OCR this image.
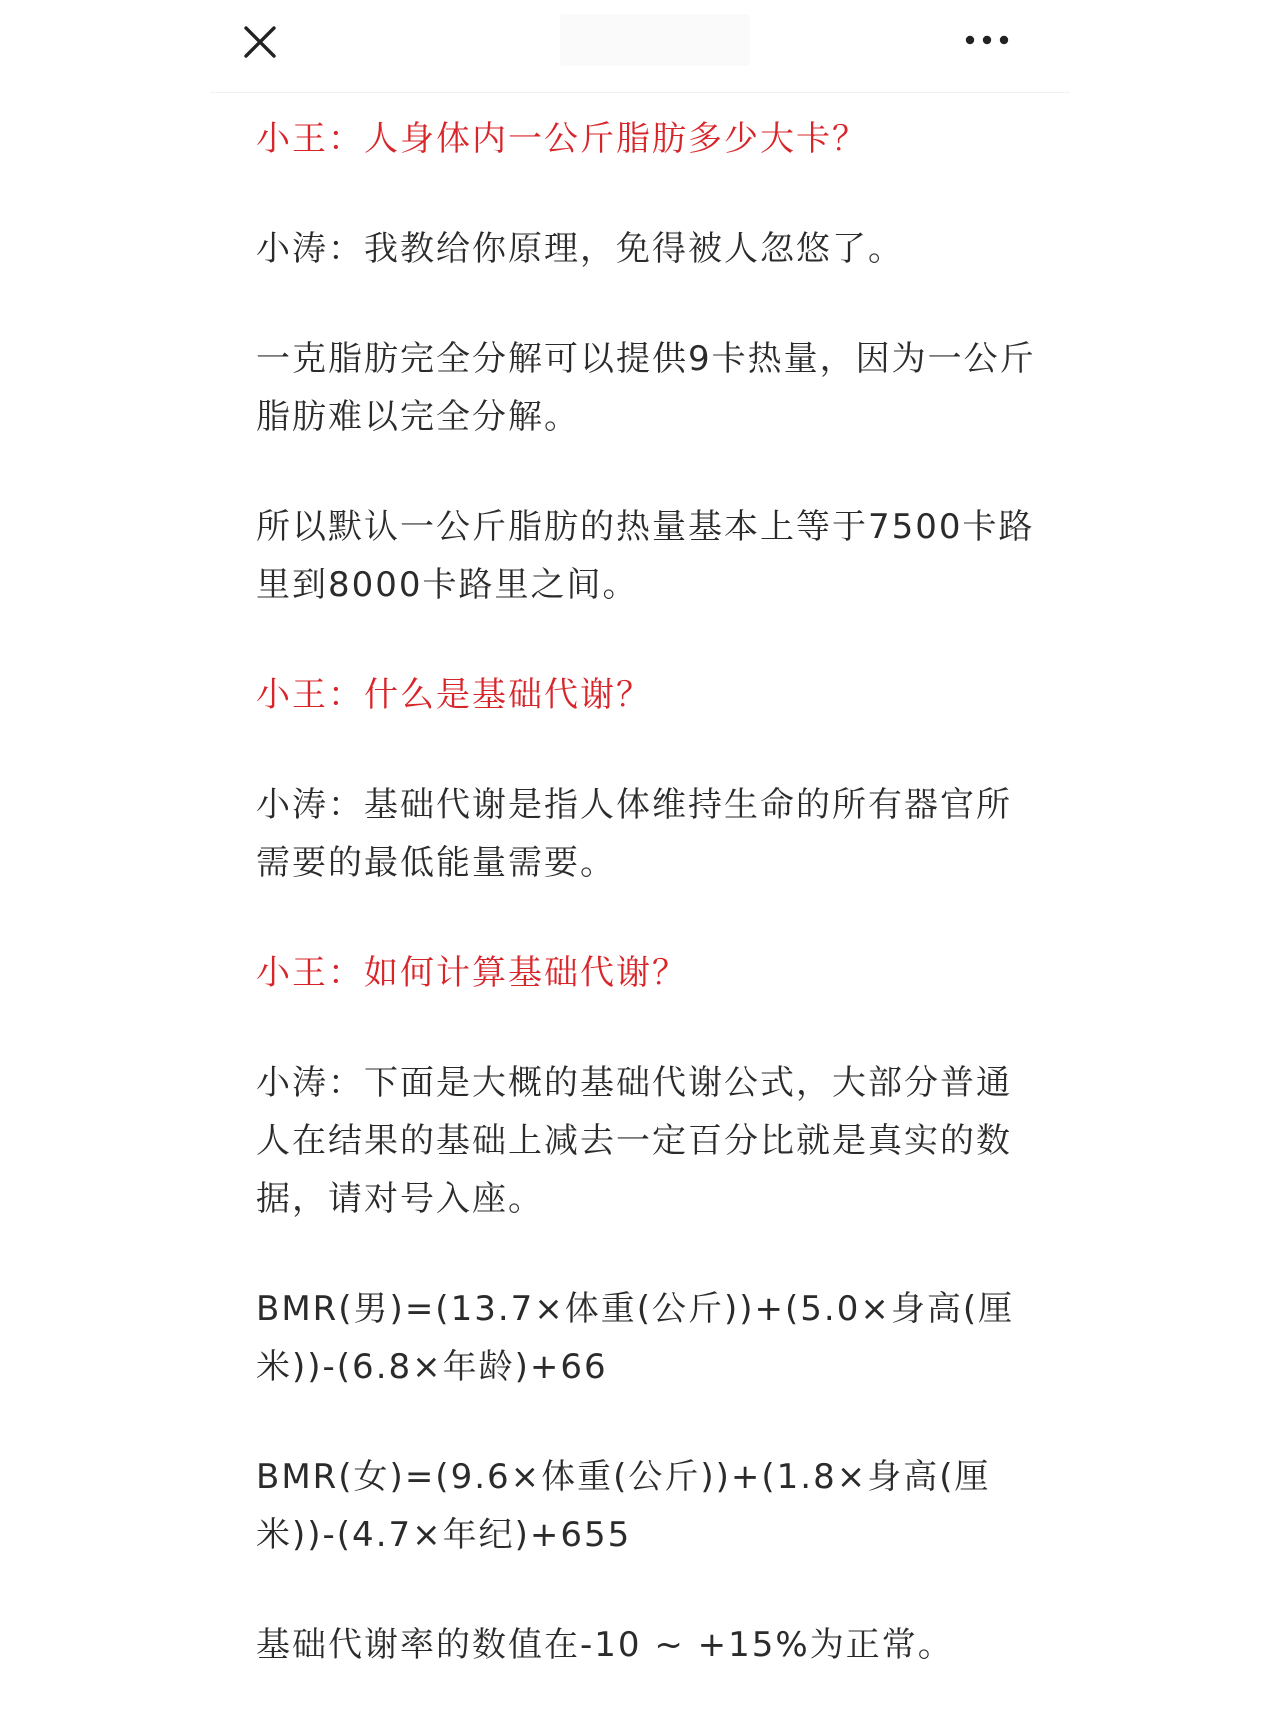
小王：人身体内一公斤脂肪多少大卡？

小涛：我教给你原理，免得被人忽悠了。

一克脂肪完全分解可以提供9卡热量，因为一公斤脂肪难以完全分解。

所以默认一公斤脂肪的热量基本上等于7500卡路里到8000卡路里之间。

小王：什么是基础代谢？

小涛：基础代谢是指人体维持生命的所有器官所需要的最低能量需要。

小王：如何计算基础代谢？

小涛：下面是大概的基础代谢公式，大部分普通人在结果的基础上减去一定百分比就是真实的数据，请对号入座。

BMR(男)=(13.7×体重(公斤))+(5.0×身高(厘米))-(6.8×年龄)+66

BMR(女)=(9.6×体重(公斤))+(1.8×身高(厘米))-(4.7×年纪)+655

基础代谢率的数值在-10 ~ +15%为正常。
